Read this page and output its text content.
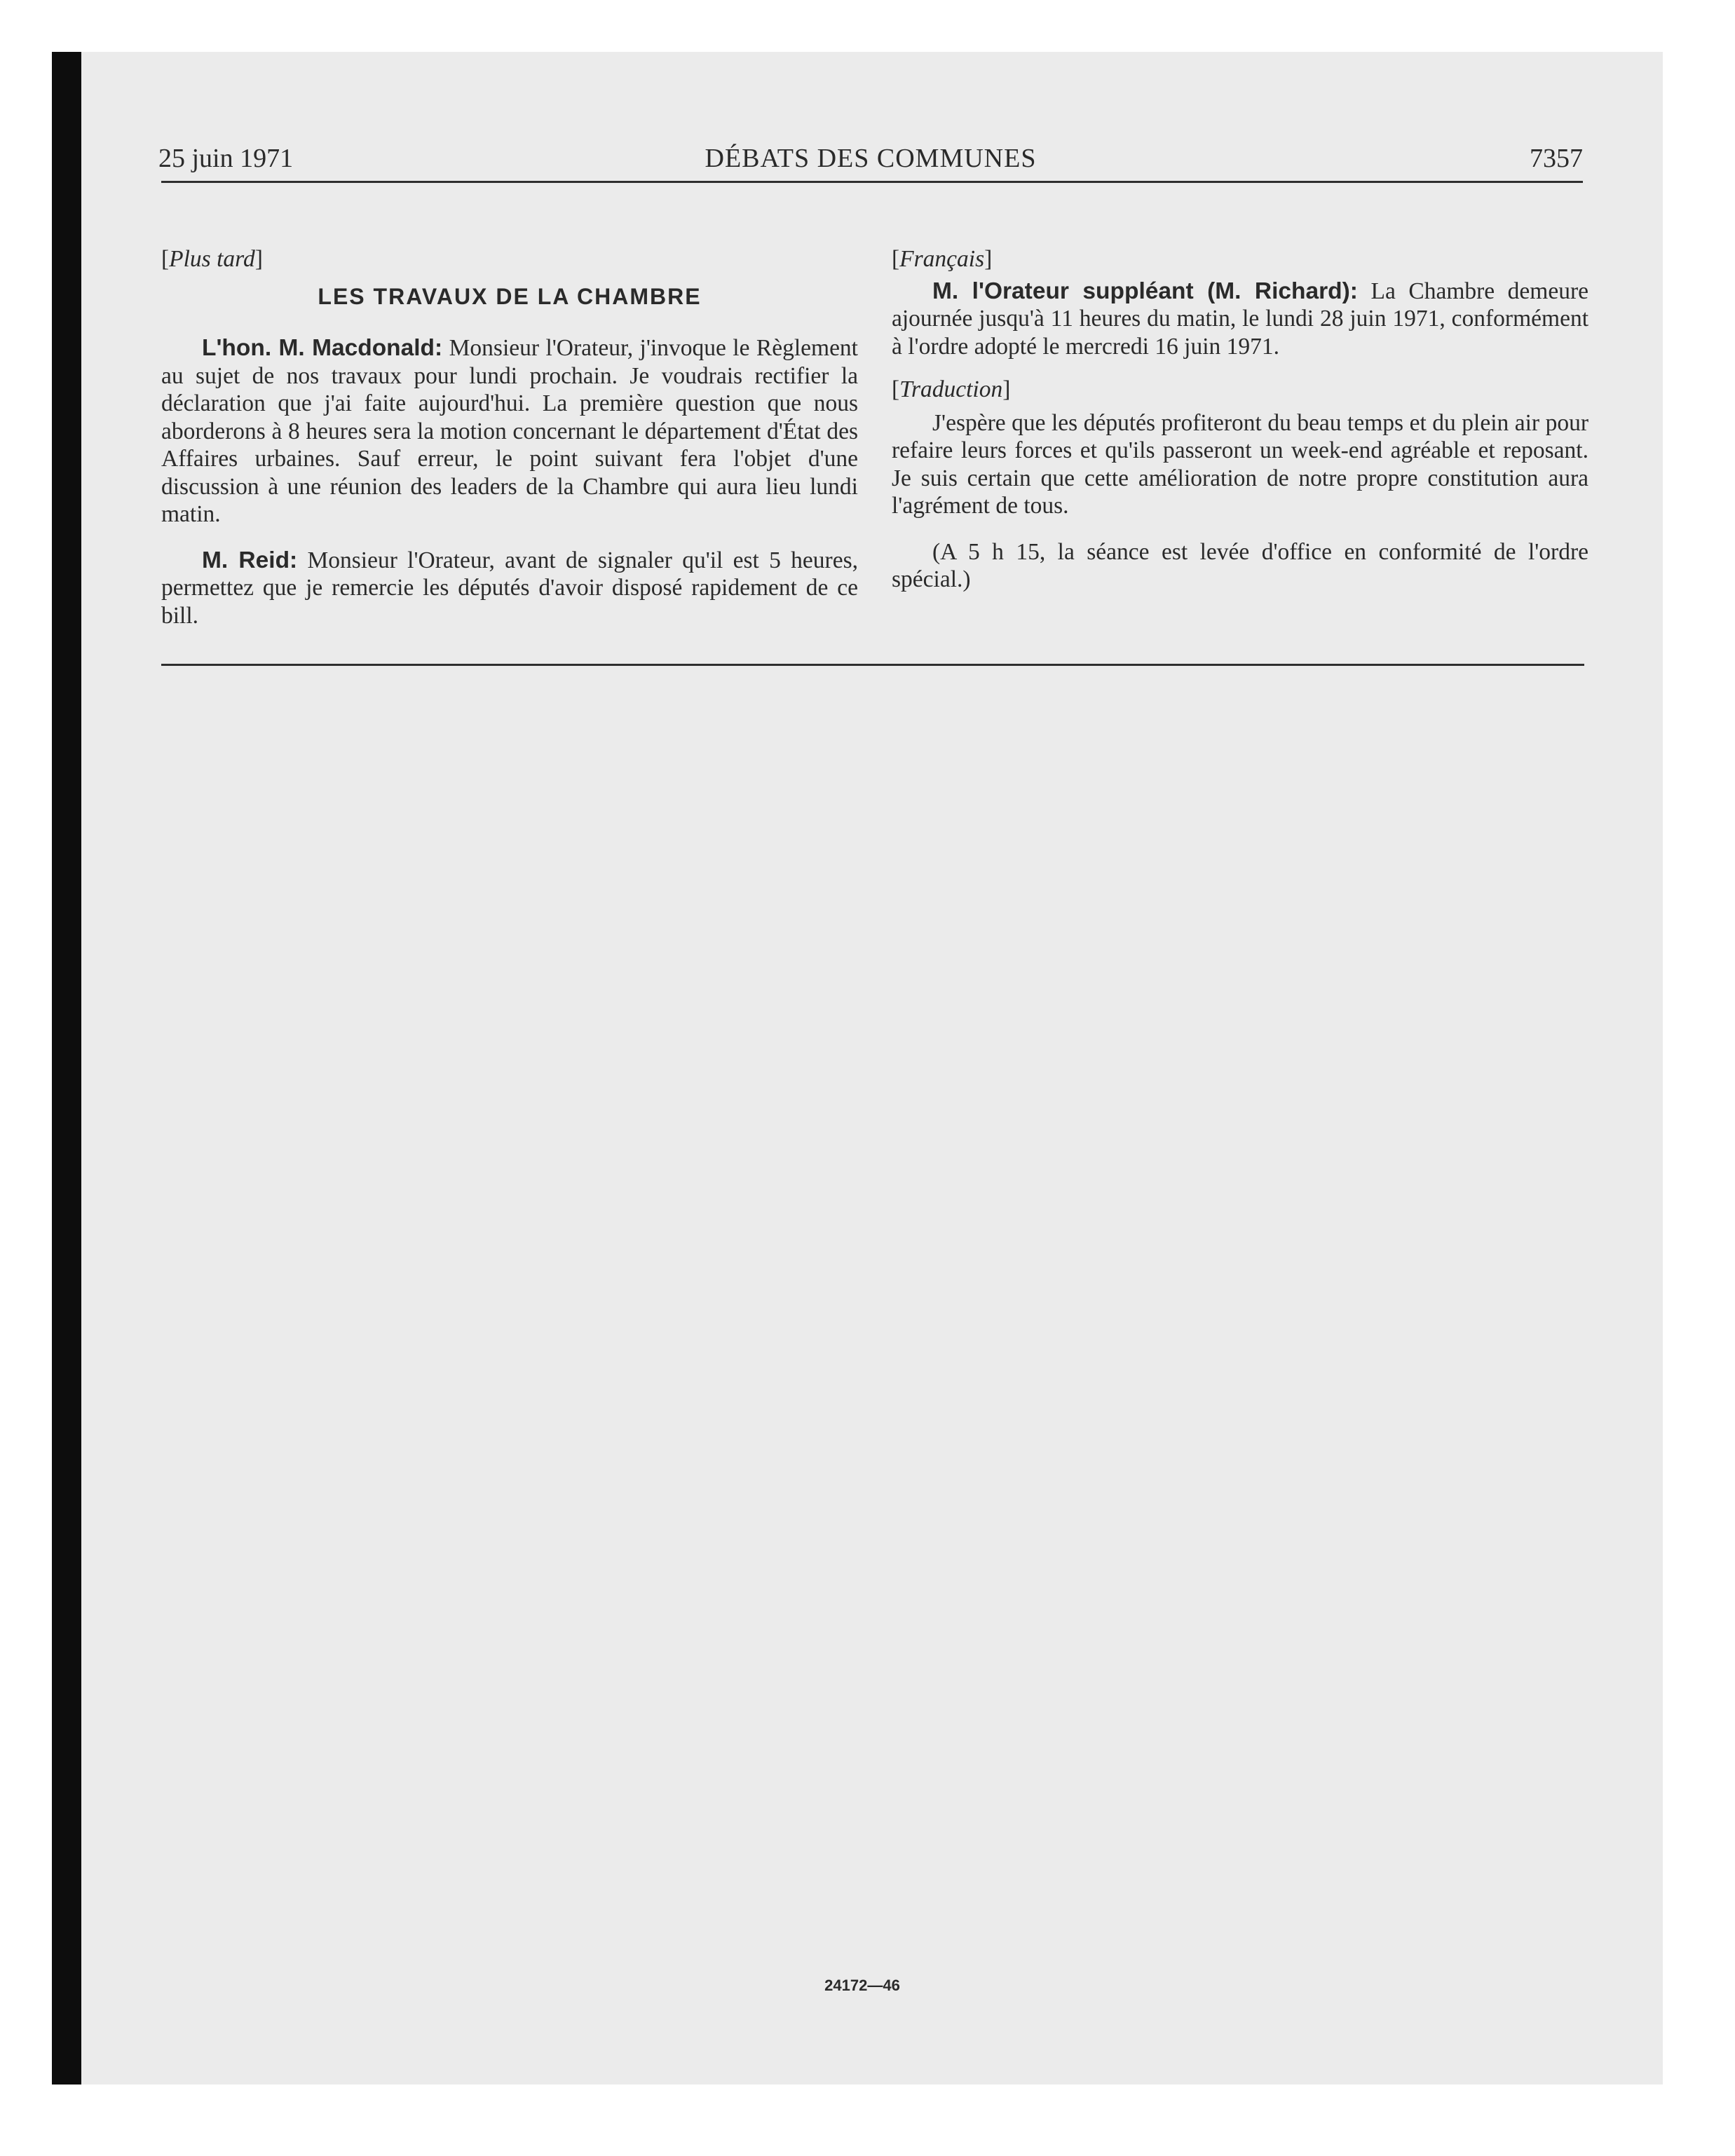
25 juin 1971	DÉBATS DES COMMUNES	7357

[Plus tard]

LES TRAVAUX DE LA CHAMBRE

L'hon. M. Macdonald: Monsieur l'Orateur, j'invoque le Règlement au sujet de nos travaux pour lundi prochain. Je voudrais rectifier la déclaration que j'ai faite aujourd'hui. La première question que nous aborderons à 8 heures sera la motion concernant le département d'État des Affaires urbaines. Sauf erreur, le point suivant fera l'objet d'une discussion à une réunion des leaders de la Chambre qui aura lieu lundi matin.

M. Reid: Monsieur l'Orateur, avant de signaler qu'il est 5 heures, permettez que je remercie les députés d'avoir disposé rapidement de ce bill.

[Français]

M. l'Orateur suppléant (M. Richard): La Chambre demeure ajournée jusqu'à 11 heures du matin, le lundi 28 juin 1971, conformément à l'ordre adopté le mercredi 16 juin 1971.

[Traduction]

J'espère que les députés profiteront du beau temps et du plein air pour refaire leurs forces et qu'ils passeront un week-end agréable et reposant. Je suis certain que cette amélioration de notre propre constitution aura l'agrément de tous.

(A 5 h 15, la séance est levée d'office en conformité de l'ordre spécial.)

24172—46
